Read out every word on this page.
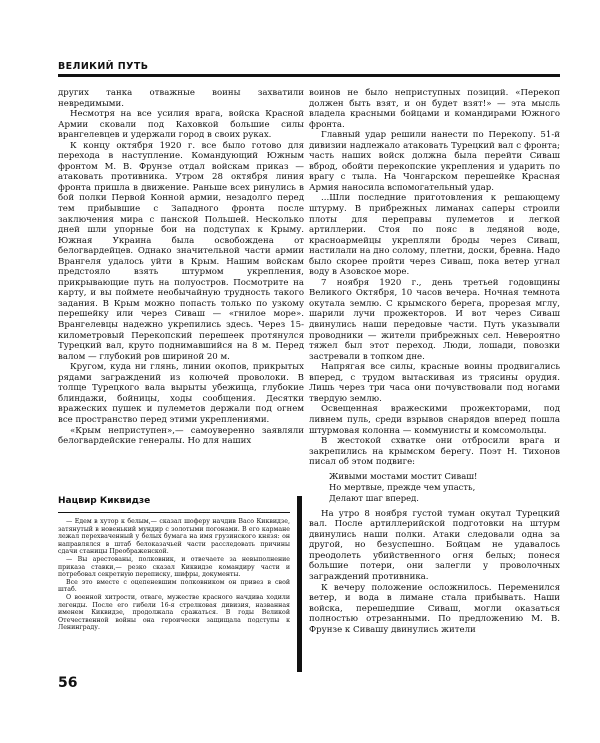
ВЕЛИКИЙ ПУТЬ

других танка отважные воины захватили невредимыми.

Несмотря на все усилия врага, войска Красной Армии сковали под Каховкой большие силы врангелевцев и удержали город в своих руках.

К концу октября 1920 г. все было готово для перехода в наступление. Командующий Южным фронтом М. В. Фрунзе отдал войскам приказ — атаковать противника. Утром 28 октября линия фронта пришла в движение. Раньше всех ринулись в бой полки Первой Конной армии, незадолго перед тем прибывшие с Западного фронта после заключения мира с панской Польшей. Несколько дней шли упорные бои на подступах к Крыму. Южная Украина была освобождена от белогвардейцев. Однако значительной части армии Врангеля удалось уйти в Крым. Нашим войскам предстояло взять штурмом укрепления, прикрывающие путь на полуостров. Посмотрите на карту, и вы поймете необычайную трудность такого задания. В Крым можно попасть только по узкому перешейку или через Сиваш — «гнилое море». Врангелевцы надежно укрепились здесь. Через 15-километровый Перекопский перешеек протянулся Турецкий вал, круто поднимавшийся на 8 м. Перед валом — глубокий ров шириной 20 м.

Кругом, куда ни глянь, линии окопов, прикрытых рядами заграждений из колючей проволоки. В толще Турецкого вала вырыты убежища, глубокие блиндажи, бойницы, ходы сообщения. Десятки вражеских пушек и пулеметов держали под огнем все пространство перед этими укреплениями.

«Крым неприступен»,— самоуверенно заявляли белогвардейские генералы. Но для наших

Нацвир Киквидзе

— Едем в хутор к белым,— сказал шоферу начдив Васо Киквидзе, затянутый в новенький мундир с золотыми погонами. В его кармане лежал перехваченный у белых бумага на имя грузинского князя: он направлялся в штаб белоказачьей части расследовать причины сдачи станицы Преображенской.

— Вы арестованы, полковник, и отвечаете за невыполнение приказа ставки,— резко сказал Киквидзе командиру части и потребовал секретную переписку, шифры, документы.

Все это вместе с оцепеневшим полковником он привез в свой штаб.

О военной хитрости, отваге, мужестве красного начдива ходили легенды. После его гибели 16-я стрелковая дивизия, названная именем Киквидзе, продолжала сражаться. В годы Великой Отечественной войны она героически защищала подступы к Ленинграду.

воинов не было неприступных позиций. «Перекоп должен быть взят, и он будет взят!» — эта мысль владела красными бойцами и командирами Южного фронта.

Главный удар решили нанести по Перекопу. 51-й дивизии надлежало атаковать Турецкий вал с фронта; часть наших войск должна была перейти Сиваш вброд, обойти перекопские укрепления и ударить по врагу с тыла. На Чонгарском перешейке Красная Армия наносила вспомогательный удар.

...Шли последние приготовления к решающему штурму. В прибрежных лиманах саперы строили плоты для переправы пулеметов и легкой артиллерии. Стоя по пояс в ледяной воде, красноармейцы укрепляли броды через Сиваш, настилали на дно солому, плетни, доски, бревна. Надо было скорее пройти через Сиваш, пока ветер угнал воду в Азовское море.

7 ноября 1920 г., день третьей годовщины Великого Октября, 10 часов вечера. Ночная темнота окутала землю. С крымского берега, прорезая мглу, шарили лучи прожекторов. И вот через Сиваш двинулись наши передовые части. Путь указывали проводники — жители прибрежных сел. Невероятно тяжел был этот переход. Люди, лошади, повозки застревали в топком дне.

Напрягая все силы, красные воины продвигались вперед, с трудом вытаскивая из трясины орудия. Лишь через три часа они почувствовали под ногами твердую землю.

Освещенная вражескими прожекторами, под ливнем пуль, среди взрывов снарядов вперед пошла штурмовая колонна — коммунисты и комсомольцы.

В жестокой схватке они отбросили врага и закрепились на крымском берегу. Поэт Н. Тихонов писал об этом подвиге:

Живыми мостами мостит Сиваш!
Но мертвые, прежде чем упасть,
Делают шаг вперед.

На утро 8 ноября густой туман окутал Турецкий вал. После артиллерийской подготовки на штурм двинулись наши полки. Атаки следовали одна за другой, но безуспешно. Бойцам не удавалось преодолеть убийственного огня белых; понеся большие потери, они залегли у проволочных заграждений противника.

К вечеру положение осложнилось. Переменился ветер, и вода в лимане стала прибывать. Наши войска, перешедшие Сиваш, могли оказаться полностью отрезанными. По предложению М. В. Фрунзе к Сивашу двинулись жители

56
